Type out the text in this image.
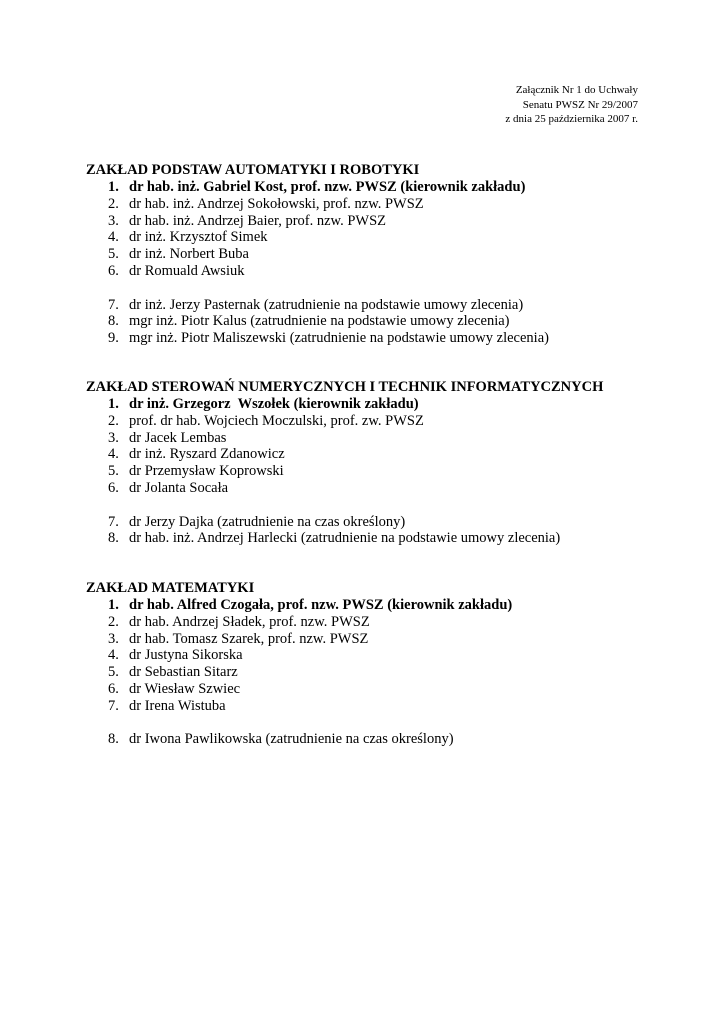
Załącznik Nr 1 do Uchwały
Senatu PWSZ Nr 29/2007
z dnia 25 października 2007 r.
ZAKŁAD PODSTAW AUTOMATYKI I ROBOTYKI
1. dr hab. inż. Gabriel Kost, prof. nzw. PWSZ (kierownik zakładu)
2. dr hab. inż. Andrzej Sokołowski, prof. nzw. PWSZ
3. dr hab. inż. Andrzej Baier, prof. nzw. PWSZ
4. dr inż. Krzysztof Simek
5. dr inż. Norbert Buba
6. dr Romuald Awsiuk
7. dr inż. Jerzy Pasternak (zatrudnienie na podstawie umowy zlecenia)
8. mgr inż. Piotr Kalus (zatrudnienie na podstawie umowy zlecenia)
9. mgr inż. Piotr Maliszewski (zatrudnienie na podstawie umowy zlecenia)
ZAKŁAD STEROWAŃ NUMERYCZNYCH I TECHNIK INFORMATYCZNYCH
1. dr inż. Grzegorz  Wszołek (kierownik zakładu)
2. prof. dr hab. Wojciech Moczulski, prof. zw. PWSZ
3. dr Jacek Lembas
4. dr inż. Ryszard Zdanowicz
5. dr Przemysław Koprowski
6. dr Jolanta Socała
7. dr Jerzy Dajka (zatrudnienie na czas określony)
8. dr hab. inż. Andrzej Harlecki (zatrudnienie na podstawie umowy zlecenia)
ZAKŁAD MATEMATYKI
1. dr hab. Alfred Czogała, prof. nzw. PWSZ (kierownik zakładu)
2. dr hab. Andrzej Sładek, prof. nzw. PWSZ
3. dr hab. Tomasz Szarek, prof. nzw. PWSZ
4. dr Justyna Sikorska
5. dr Sebastian Sitarz
6. dr Wiesław Szwiec
7. dr Irena Wistuba
8. dr Iwona Pawlikowska (zatrudnienie na czas określony)
